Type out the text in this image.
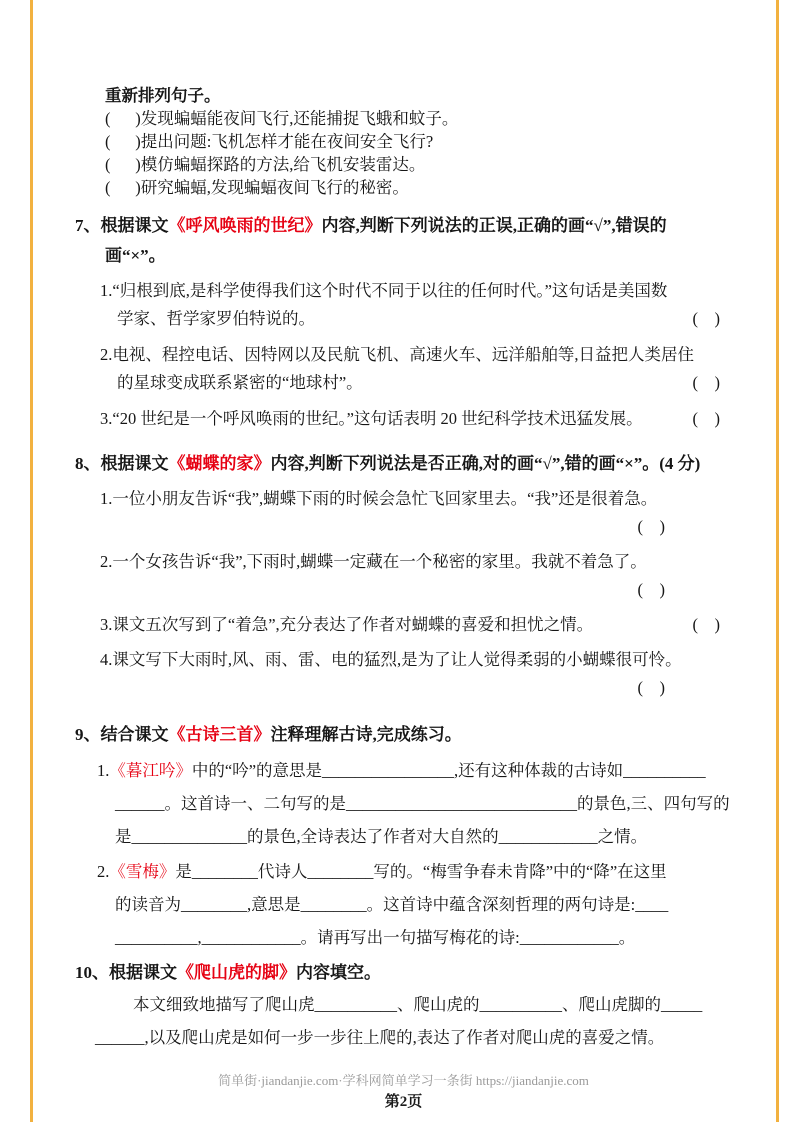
重新排列句子。
(      )发现蝙蝠能夜间飞行,还能捕捉飞蛾和蚊子。
(      )提出问题:飞机怎样才能在夜间安全飞行?
(      )模仿蝙蝠探路的方法,给飞机安装雷达。
(      )研究蝙蝠,发现蝙蝠夜间飞行的秘密。
7、根据课文《呼风唤雨的世纪》内容,判断下列说法的正误,正确的画“√”,错误的
画“×”。
1.“归根到底,是科学使得我们这个时代不同于以往的任何时代。”这句话是美国数
学家、哲学家罗伯特说的。	(    )
2.电视、程控电话、因特网以及民航飞机、高速火车、远洋船舶等,日益把人类居住
的星球变成联系紧密的“地球村”。	(    )
3.“20 世纪是一个呼风唤雨的世纪。”这句话表明 20 世纪科学技术迅猛发展。	(    )
8、根据课文《蝴蝶的家》内容,判断下列说法是否正确,对的画“√”,错的画“×”。(4 分)
1.一位小朋友告诉“我”,蝴蝶下雨的时候会急忙飞回家里去。“我”还是很着急。
(    )
2.一个女孩告诉“我”,下雨时,蝴蝶一定藏在一个秘密的家里。我就不着急了。
(    )
3.课文五次写到了“着急”,充分表达了作者对蝴蝶的喜爱和担忧之情。	(    )
4.课文写下大雨时,风、雨、雷、电的猛烈,是为了让人觉得柔弱的小蝴蝶很可怜。
(    )
9、结合课文《古诗三首》注释理解古诗,完成练习。
1.《暮江吟》中的“吟”的意思是________________,还有这种体裁的古诗如__________
______。这首诗一、二句写的是____________________________的景色,三、四句写的
是______________的景色,全诗表达了作者对大自然的____________之情。
2.《雪梅》是________代诗人________写的。“梅雪争春未肯降”中的“降”在这里
的读音为________,意思是________。这首诗中蕴含深刻哲理的两句诗是:____
__________,____________。请再写出一句描写梅花的诗:____________。
10、根据课文《爬山虎的脚》内容填空。
本文细致地描写了爬山虎__________、爬山虎的__________、爬山虎脚的_____
______,以及爬山虎是如何一步一步往上爬的,表达了作者对爬山虎的喜爱之情。
简单街·jiandanjie.com·学科网简单学习一条街 https://jiandanjie.com
第2页
